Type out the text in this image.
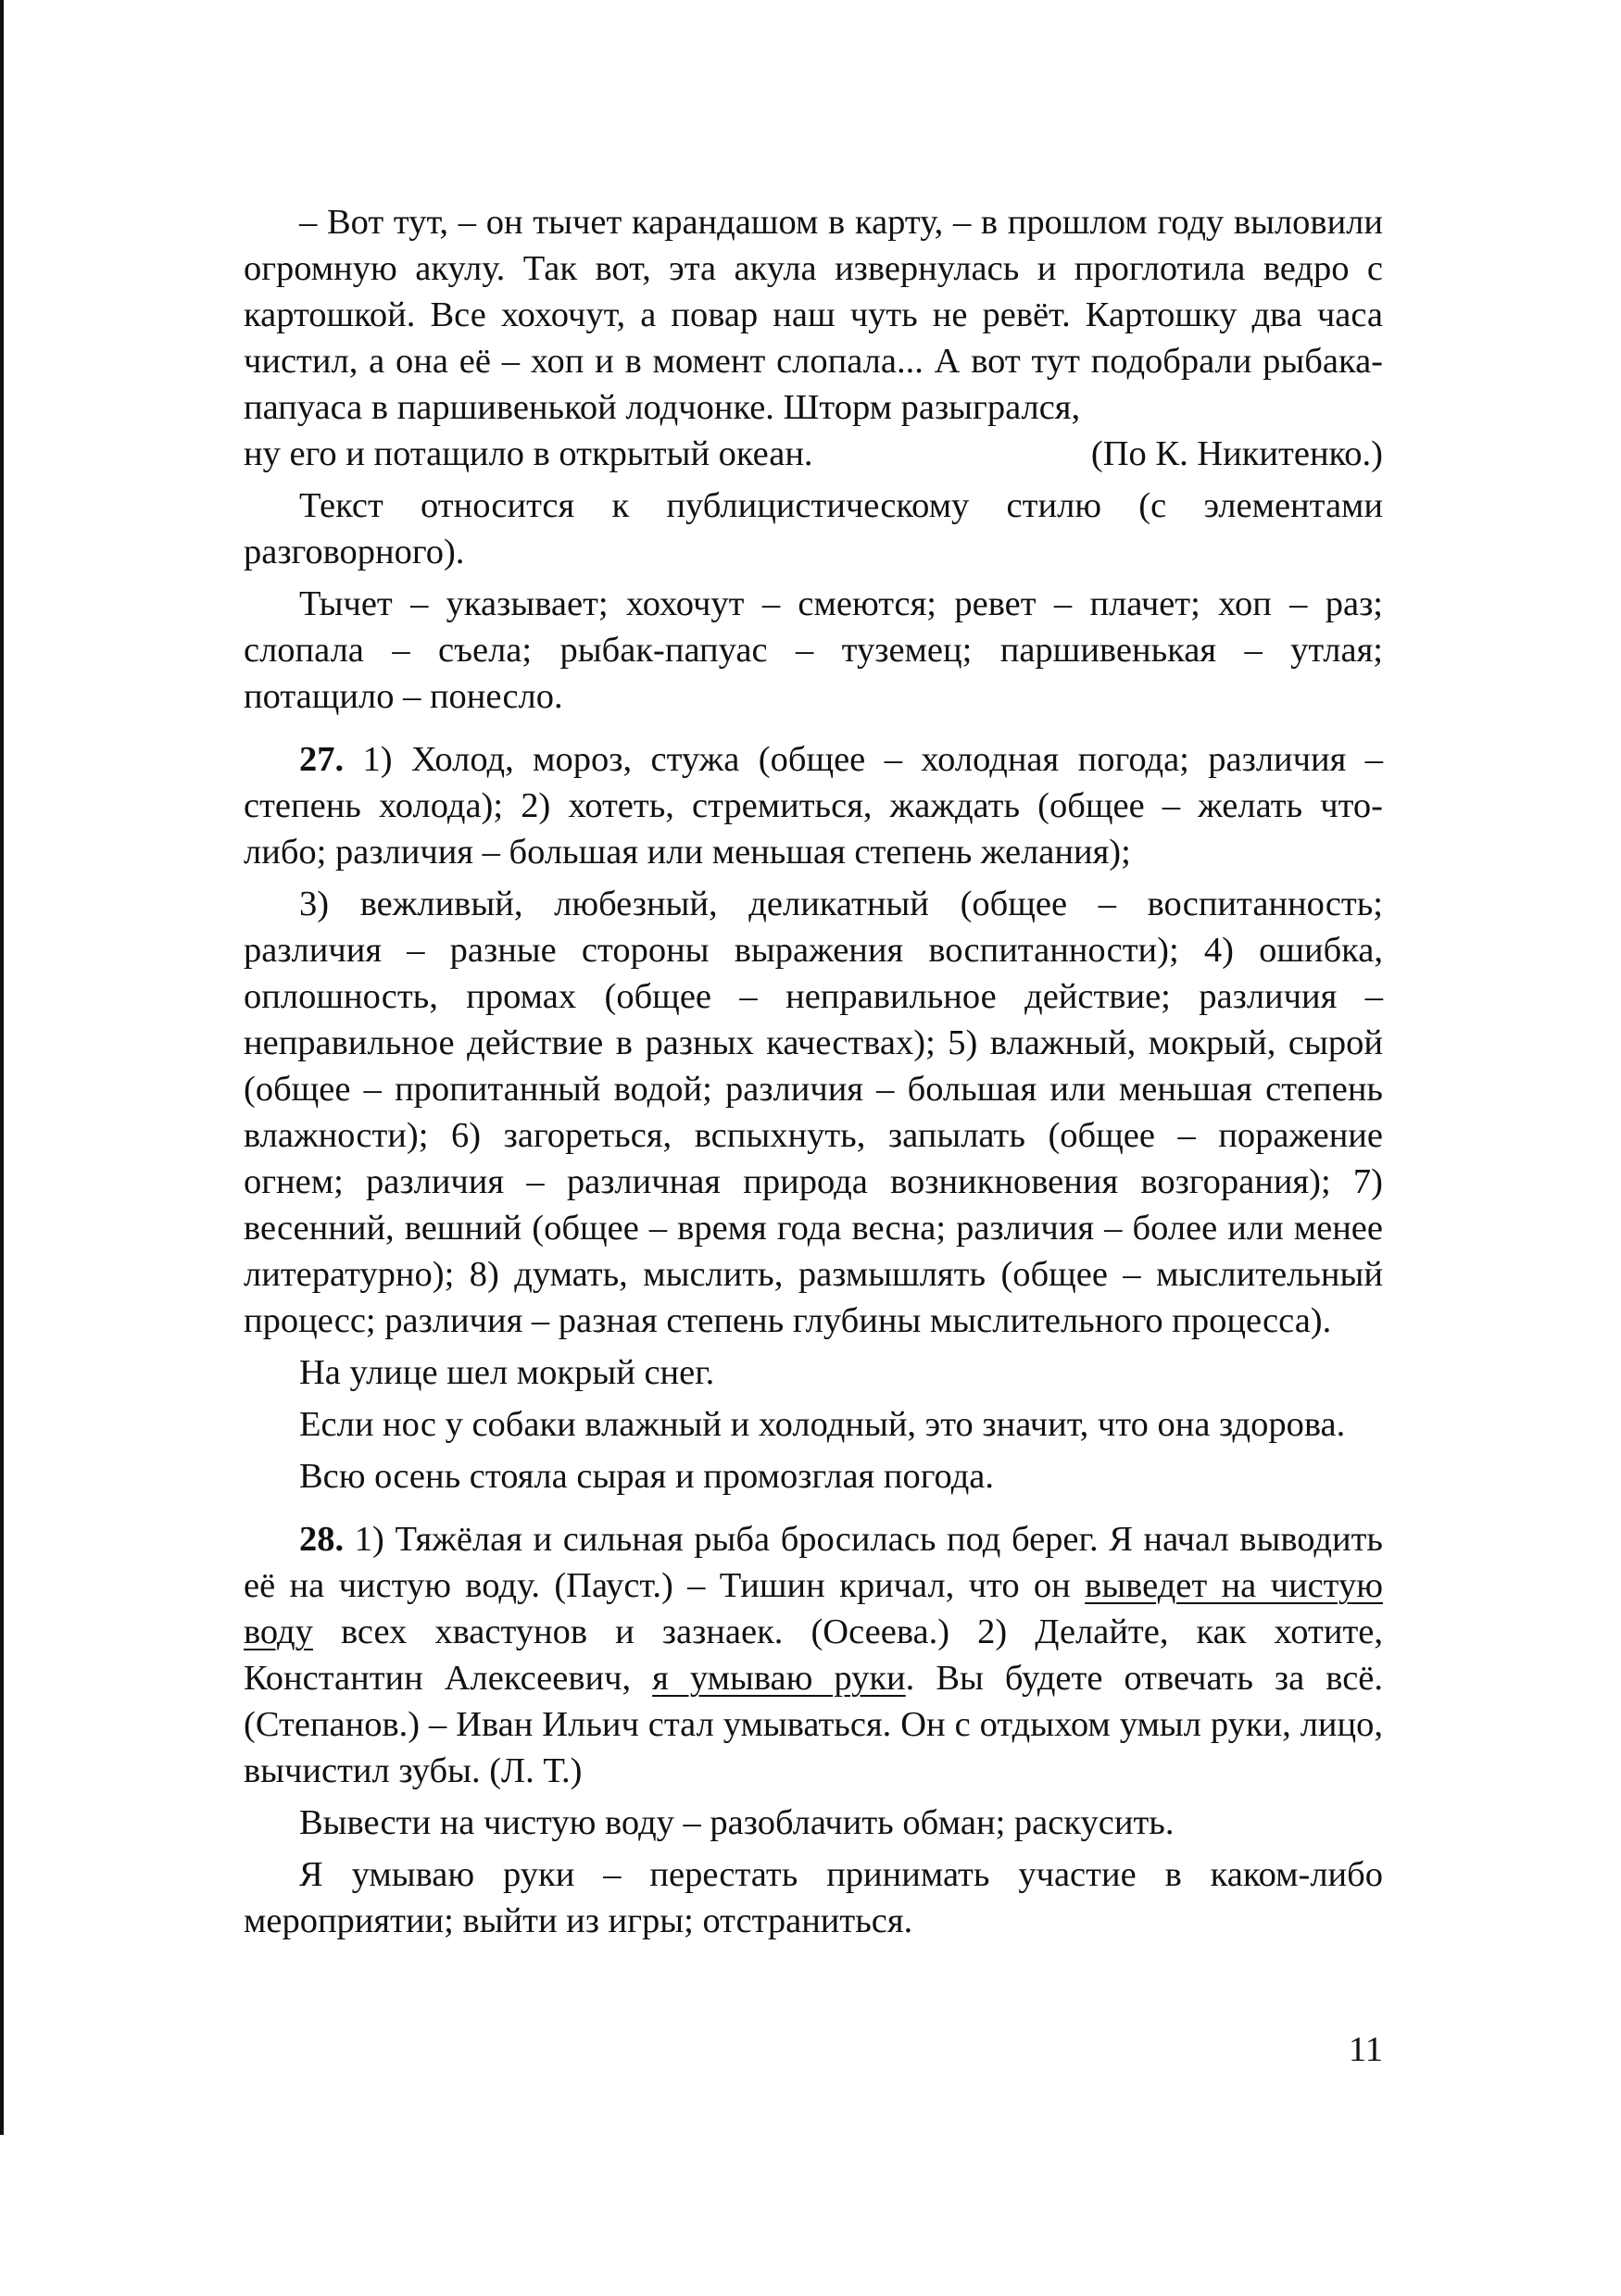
– Вот тут, – он тычет карандашом в карту, – в прошлом году выловили огромную акулу. Так вот, эта акула извернулась и проглотила ведро с картошкой. Все хохочут, а повар наш чуть не ревёт. Картошку два часа чистил, а она её – хоп и в момент слопала... А вот тут подобрали рыбака-папуаса в паршивенькой лодчонке. Шторм разыгрался,
ну его и потащило в открытый океан.	(По К. Никитенко.)

Текст относится к публицистическому стилю (с элементами разговорного).

Тычет – указывает; хохочут – смеются; ревет – плачет; хоп – раз; слопала – съела; рыбак-папуас – туземец; паршивенькая – утлая; потащило – понесло.

27. 1) Холод, мороз, стужа (общее – холодная погода; различия – степень холода); 2) хотеть, стремиться, жаждать (общее – желать что-либо; различия – большая или меньшая степень желания);

3) вежливый, любезный, деликатный (общее – воспитанность; различия – разные стороны выражения воспитанности); 4) ошибка, оплошность, промах (общее – неправильное действие; различия – неправильное действие в разных качествах); 5) влажный, мокрый, сырой (общее – пропитанный водой; различия – большая или меньшая степень влажности); 6) загореться, вспыхнуть, запылать (общее – поражение огнем; различия – различная природа возникновения возгорания); 7) весенний, вешний (общее – время года весна; различия – более или менее литературно); 8) думать, мыслить, размышлять (общее – мыслительный процесс; различия – разная степень глубины мыслительного процесса).

На улице шел мокрый снег.

Если нос у собаки влажный и холодный, это значит, что она здорова.

Всю осень стояла сырая и промозглая погода.

28. 1) Тяжёлая и сильная рыба бросилась под берег. Я начал выводить её на чистую воду. (Пауст.) – Тишин кричал, что он выведет на чистую воду всех хвастунов и зазнаек. (Осеева.) 2) Делайте, как хотите, Константин Алексеевич, я умываю руки. Вы будете отвечать за всё. (Степанов.) – Иван Ильич стал умываться. Он с отдыхом умыл руки, лицо, вычистил зубы. (Л. Т.)

Вывести на чистую воду – разоблачить обман; раскусить.

Я умываю руки – перестать принимать участие в каком-либо мероприятии; выйти из игры; отстраниться.

11
